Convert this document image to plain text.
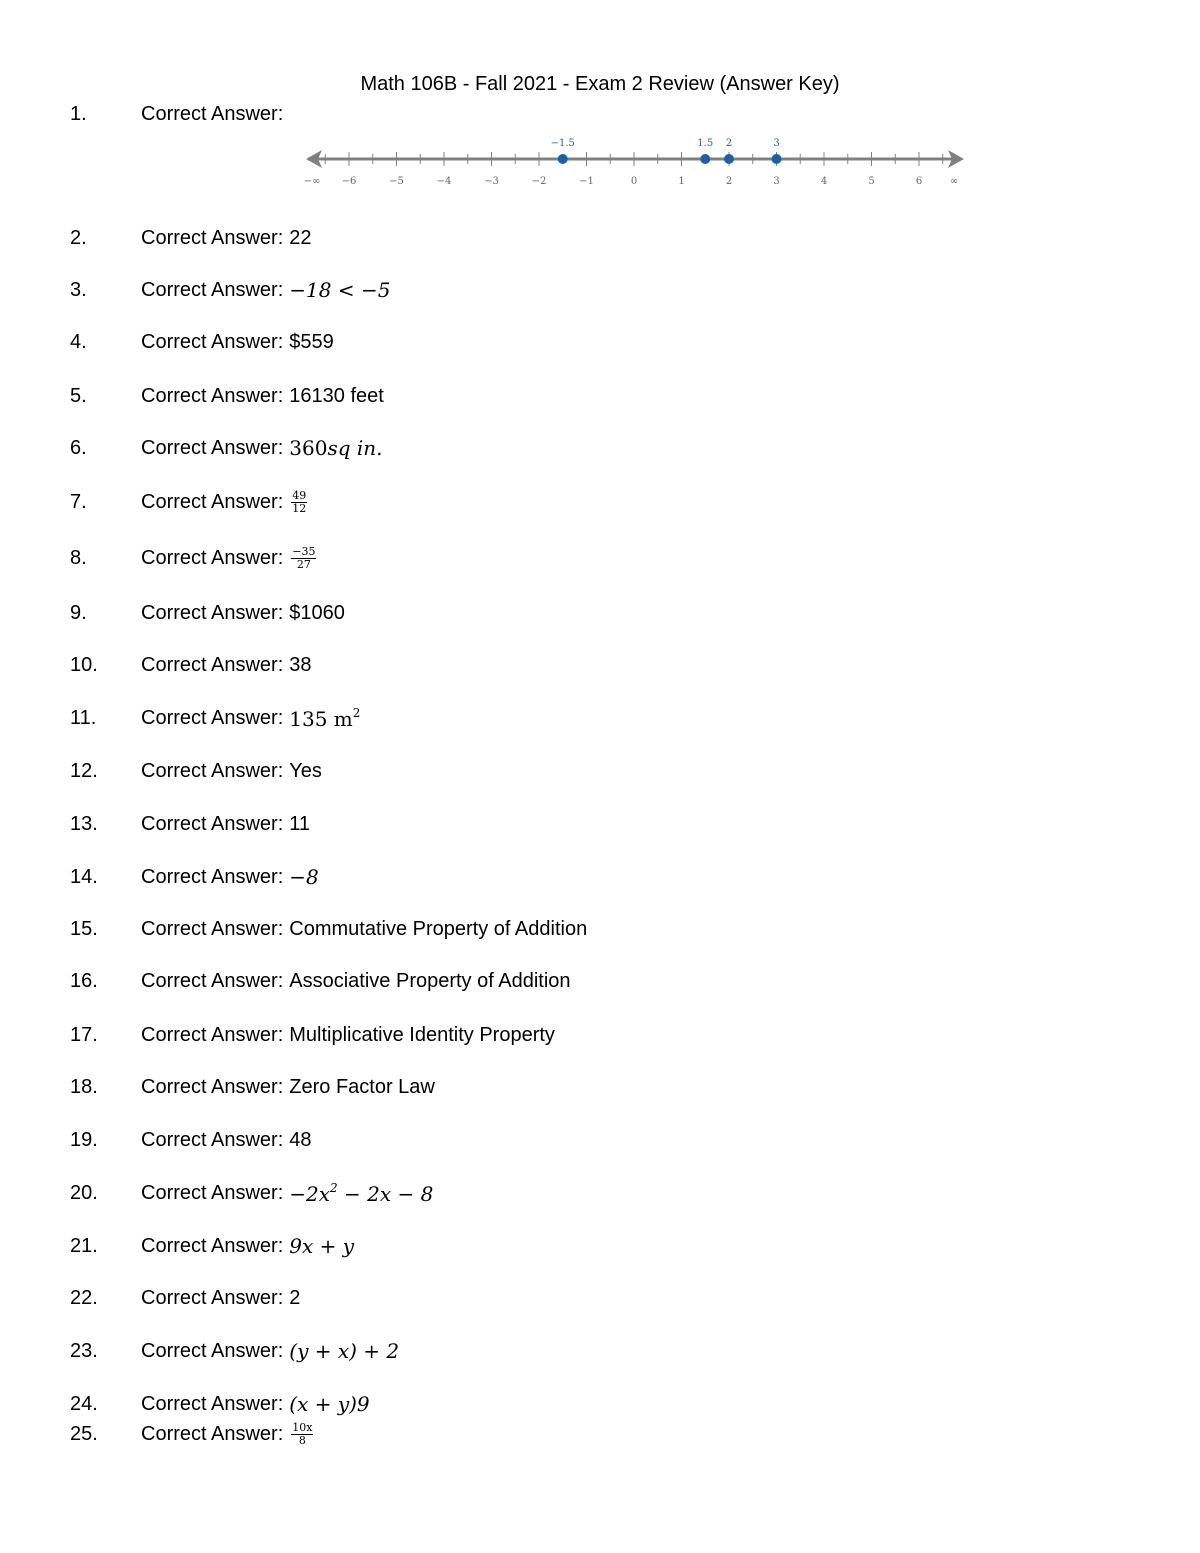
Math 106B - Fall 2021 - Exam 2 Review (Answer Key)
1.	Correct Answer:
2.	Correct Answer: 22
3.	Correct Answer: −18 < −5
4.	Correct Answer: $559
5.	Correct Answer: 16130 feet
6.	Correct Answer: 360sq in.
7.	Correct Answer: $\frac{49}{12}$
8.	Correct Answer: $\frac{-35}{27}$
9.	Correct Answer: $1060
10.	Correct Answer: 38
11.	Correct Answer: 135 $m^2$
12.	Correct Answer: Yes
13.	Correct Answer: 11
14.	Correct Answer: −8
15.	Correct Answer: Commutative Property of Addition
16.	Correct Answer: Associative Property of Addition
17.	Correct Answer: Multiplicative Identity Property
18.	Correct Answer: Zero Factor Law
19.	Correct Answer: 48
20.	Correct Answer: $-2x^2 - 2x - 8$
21.	Correct Answer: 9x + y
22.	Correct Answer: 2
23.	Correct Answer: (y + x) + 2
24.	Correct Answer: (x + y)9
25.	Correct Answer: $\frac{10x}{8}$
−6	−5	−4	−3	−2	−1	0	1	2	3	4	5	6
−∞	∞
−1.5	1.5 2	3
